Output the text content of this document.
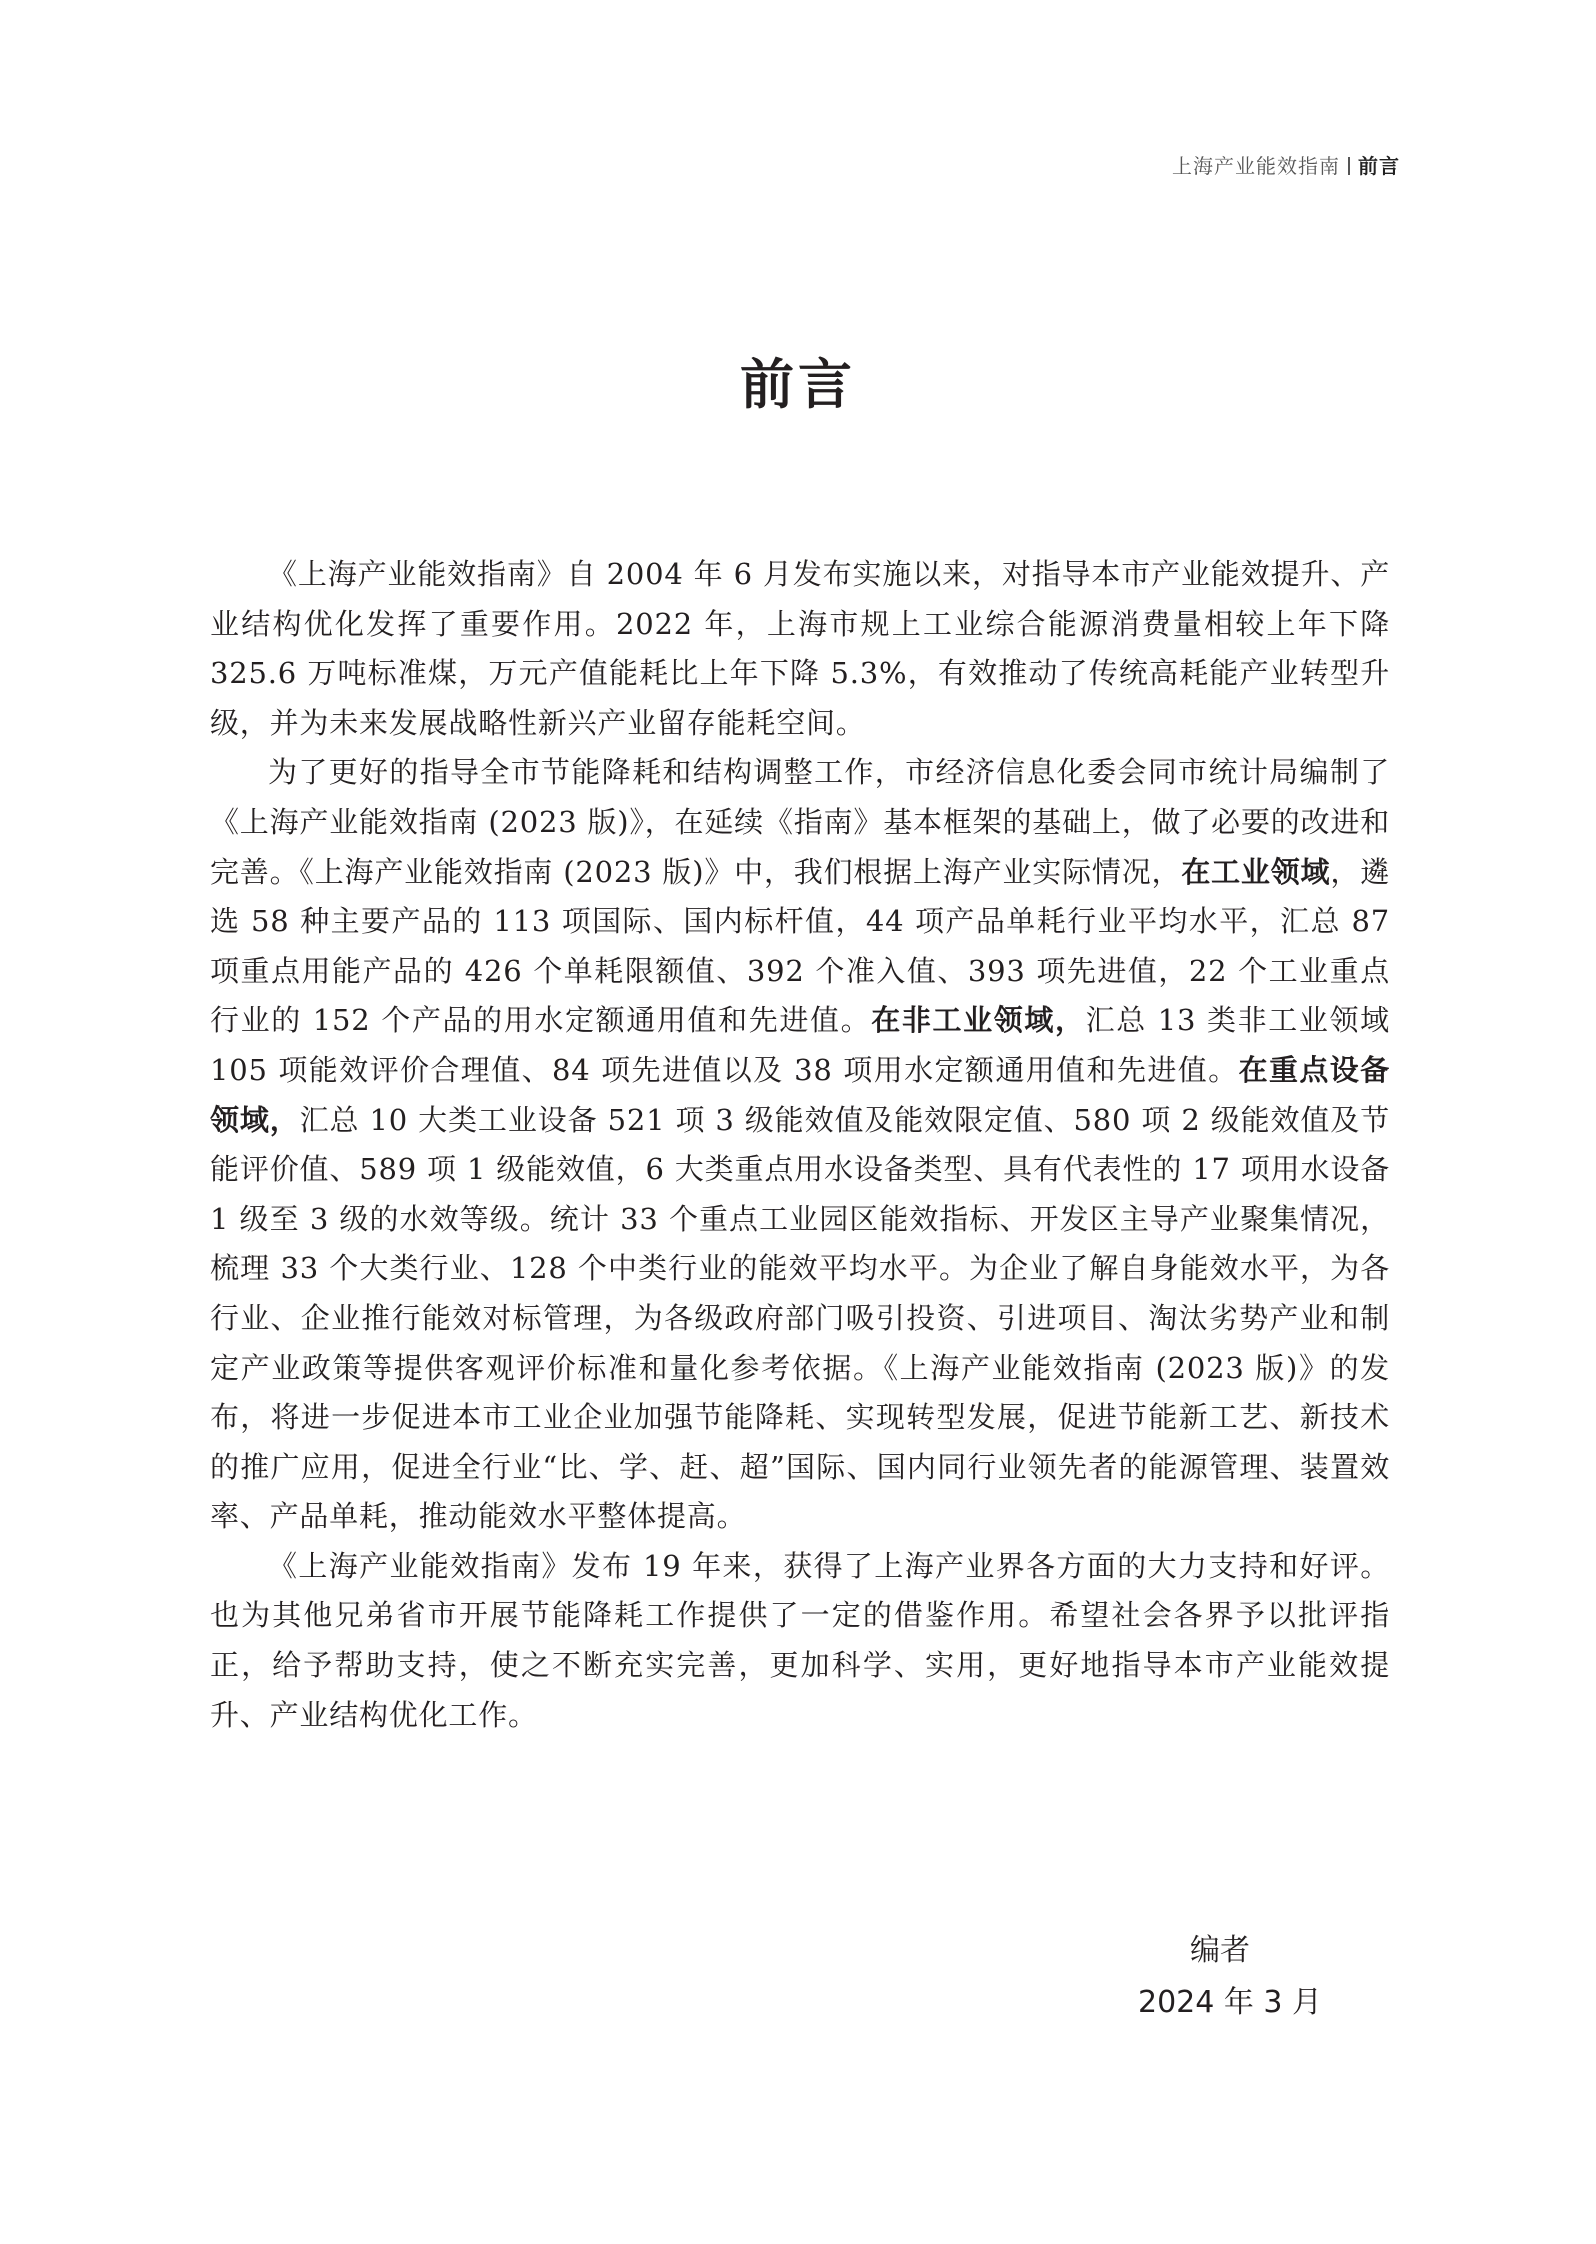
上海产业能效指南 前言
前言

《上海产业能效指南》自 2004 年 6 月发布实施以来，对指导本市产业能效提升、产业结构优化发挥了重要作用。2022 年，上海市规上工业综合能源消费量相较上年下降 325.6 万吨标准煤，万元产值能耗比上年下降 5.3%，有效推动了传统高耗能产业转型升级，并为未来发展战略性新兴产业留存能耗空间。

为了更好的指导全市节能降耗和结构调整工作，市经济信息化委会同市统计局编制了《上海产业能效指南 (2023 版)》，在延续《指南》基本框架的基础上，做了必要的改进和完善。《上海产业能效指南 (2023 版)》中，我们根据上海产业实际情况，在工业领域，遴选 58 种主要产品的 113 项国际、国内标杆值，44 项产品单耗行业平均水平，汇总 87 项重点用能产品的 426 个单耗限额值、392 个准入值、393 项先进值，22 个工业重点行业的 152 个产品的用水定额通用值和先进值。在非工业领域，汇总 13 类非工业领域 105 项能效评价合理值、84 项先进值以及 38 项用水定额通用值和先进值。在重点设备领域，汇总 10 大类工业设备 521 项 3 级能效值及能效限定值、580 项 2 级能效值及节能评价值、589 项 1 级能效值，6 大类重点用水设备类型、具有代表性的 17 项用水设备 1 级至 3 级的水效等级。统计 33 个重点工业园区能效指标、开发区主导产业聚集情况，梳理 33 个大类行业、128 个中类行业的能效平均水平。为企业了解自身能效水平，为各行业、企业推行能效对标管理，为各级政府部门吸引投资、引进项目、淘汰劣势产业和制定产业政策等提供客观评价标准和量化参考依据。《上海产业能效指南 (2023 版)》的发布，将进一步促进本市工业企业加强节能降耗、实现转型发展，促进节能新工艺、新技术的推广应用，促进全行业“比、学、赶、超”国际、国内同行业领先者的能源管理、装置效率、产品单耗，推动能效水平整体提高。

《上海产业能效指南》发布 19 年来，获得了上海产业界各方面的大力支持和好评。也为其他兄弟省市开展节能降耗工作提供了一定的借鉴作用。希望社会各界予以批评指正，给予帮助支持，使之不断充实完善，更加科学、实用，更好地指导本市产业能效提升、产业结构优化工作。

编者
2024 年 3 月
